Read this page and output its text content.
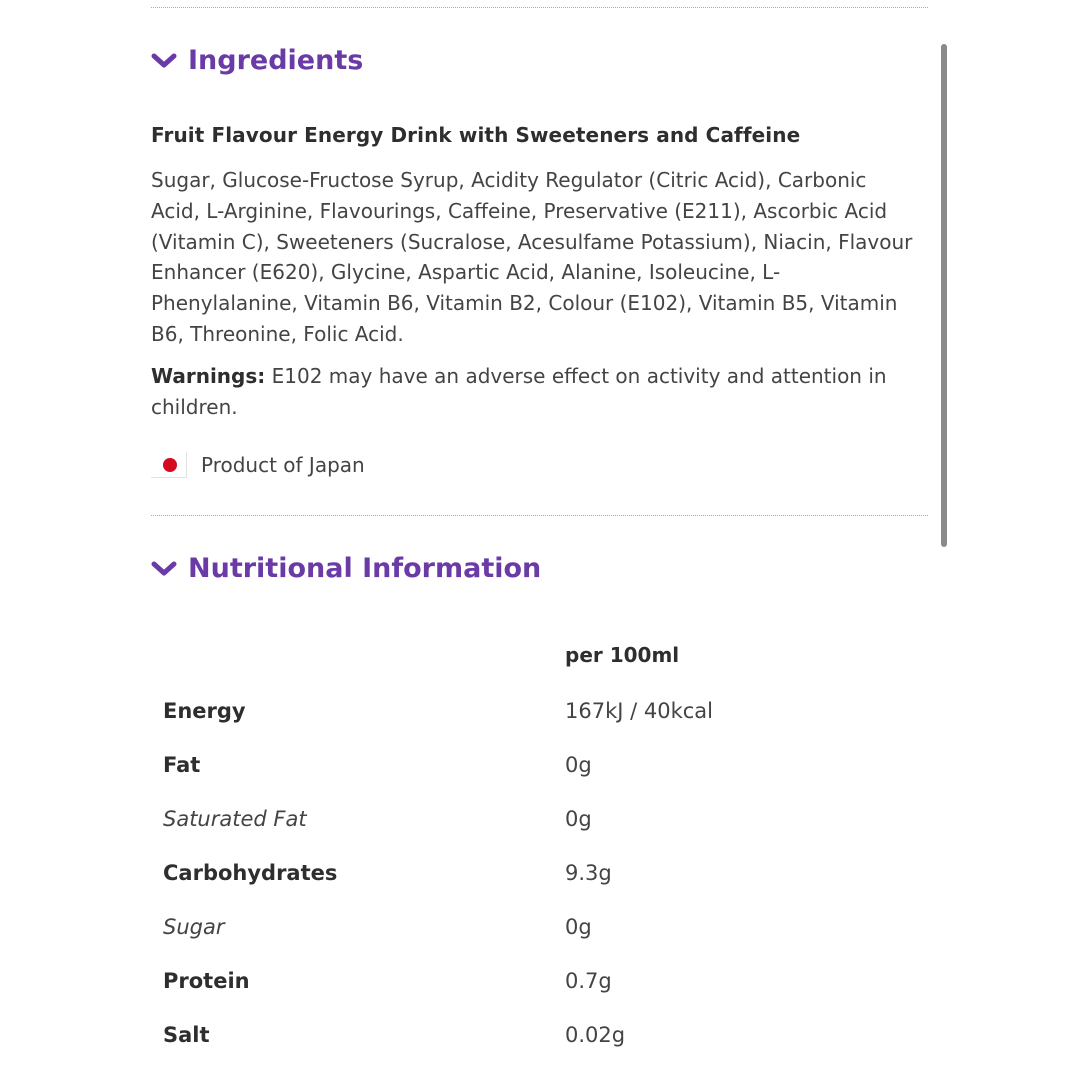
Ingredients
Fruit Flavour Energy Drink with Sweeteners and Caffeine
Sugar, Glucose-Fructose Syrup, Acidity Regulator (Citric Acid), Carbonic Acid, L-Arginine, Flavourings, Caffeine, Preservative (E211), Ascorbic Acid (Vitamin C), Sweeteners (Sucralose, Acesulfame Potassium), Niacin, Flavour Enhancer (E620), Glycine, Aspartic Acid, Alanine, Isoleucine, L-Phenylalanine, Vitamin B6, Vitamin B2, Colour (E102), Vitamin B5, Vitamin B6, Threonine, Folic Acid.
Warnings: E102 may have an adverse effect on activity and attention in children.
Product of Japan
Nutritional Information
per 100ml
Energy	167kJ / 40kcal
Fat	0g
Saturated Fat	0g
Carbohydrates	9.3g
Sugar	0g
Protein	0.7g
Salt	0.02g
